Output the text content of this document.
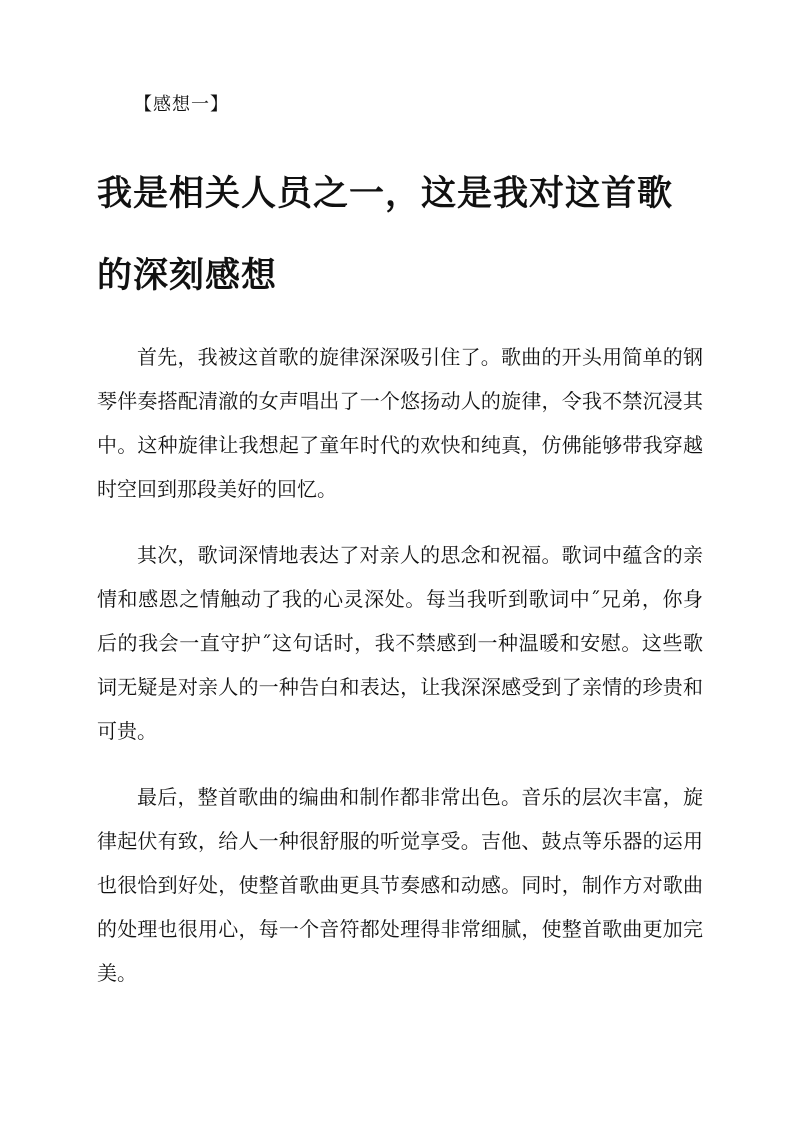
【感想一】
我是相关人员之一，这是我对这首歌的深刻感想

首先，我被这首歌的旋律深深吸引住了。歌曲的开头用简单的钢琴伴奏搭配清澈的女声唱出了一个悠扬动人的旋律，令我不禁沉浸其中。这种旋律让我想起了童年时代的欢快和纯真，仿佛能够带我穿越时空回到那段美好的回忆。

其次，歌词深情地表达了对亲人的思念和祝福。歌词中蕴含的亲情和感恩之情触动了我的心灵深处。每当我听到歌词中˝兄弟，你身后的我会一直守护˝这句话时，我不禁感到一种温暖和安慰。这些歌词无疑是对亲人的一种告白和表达，让我深深感受到了亲情的珍贵和可贵。

最后，整首歌曲的编曲和制作都非常出色。音乐的层次丰富，旋律起伏有致，给人一种很舒服的听觉享受。吉他、鼓点等乐器的运用也很恰到好处，使整首歌曲更具节奏感和动感。同时，制作方对歌曲的处理也很用心，每一个音符都处理得非常细腻，使整首歌曲更加完美。
